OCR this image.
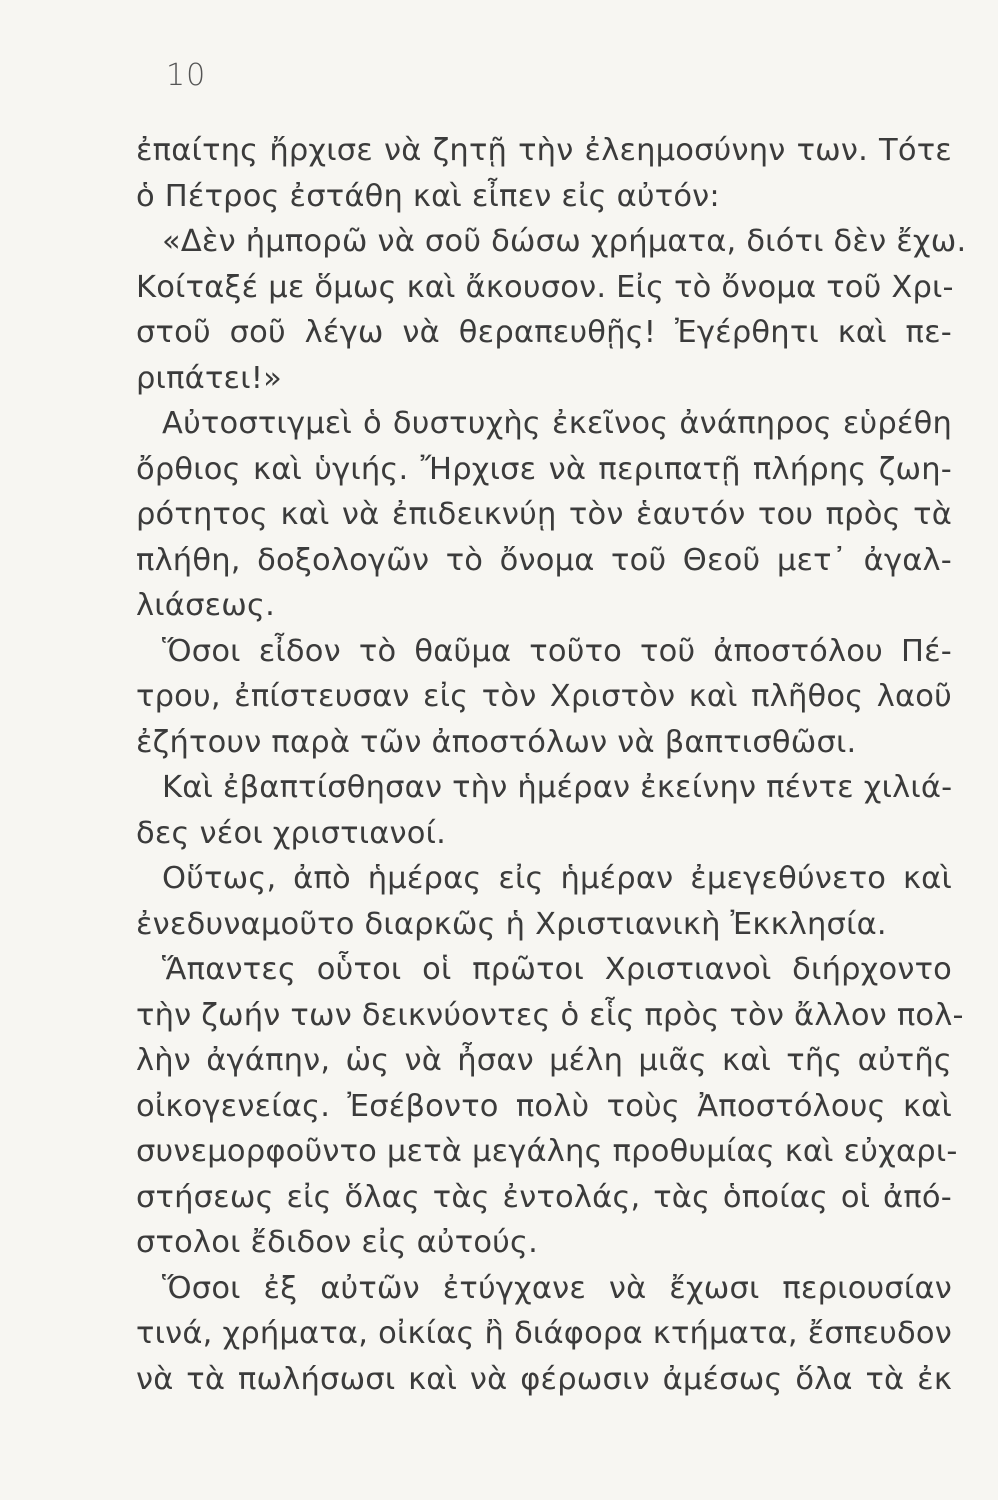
10
ἐπαίτης ἤρχισε νὰ ζητῇ τὴν ἐλεημοσύνην των. Τότε
ὁ Πέτρος ἐστάθη καὶ εἶπεν εἰς αὐτόν:
«Δὲν ἠμπορῶ νὰ σοῦ δώσω χρήματα, διότι δὲν ἔχω.
Κοίταξέ με ὅμως καὶ ἄκουσον. Εἰς τὸ ὄνομα τοῦ Χρι-
στοῦ σοῦ λέγω νὰ θεραπευθῇς! Ἐγέρθητι καὶ πε-
ριπάτει!»
Αὐτοστιγμεὶ ὁ δυστυχὴς ἐκεῖνος ἀνάπηρος εὑρέθη
ὄρθιος καὶ ὑγιής. Ἤρχισε νὰ περιπατῇ πλήρης ζωη-
ρότητος καὶ νὰ ἐπιδεικνύῃ τὸν ἑαυτόν του πρὸς τὰ
πλήθη, δοξολογῶν τὸ ὄνομα τοῦ Θεοῦ μετ᾽ ἀγαλ-
λιάσεως.
Ὅσοι εἶδον τὸ θαῦμα τοῦτο τοῦ ἀποστόλου Πέ-
τρου, ἐπίστευσαν εἰς τὸν Χριστὸν καὶ πλῆθος λαοῦ
ἐζήτουν παρὰ τῶν ἀποστόλων νὰ βαπτισθῶσι.
Καὶ ἐβαπτίσθησαν τὴν ἡμέραν ἐκείνην πέντε χιλιά-
δες νέοι χριστιανοί.
Οὕτως, ἀπὸ ἡμέρας εἰς ἡμέραν ἐμεγεθύνετο καὶ
ἐνεδυναμοῦτο διαρκῶς ἡ Χριστιανικὴ Ἐκκλησία.
Ἅπαντες οὗτοι οἱ πρῶτοι Χριστιανοὶ διήρχοντο
τὴν ζωήν των δεικνύοντες ὁ εἷς πρὸς τὸν ἄλλον πολ-
λὴν ἀγάπην, ὡς νὰ ἦσαν μέλη μιᾶς καὶ τῆς αὐτῆς
οἰκογενείας. Ἐσέβοντο πολὺ τοὺς Ἀποστόλους καὶ
συνεμορφοῦντο μετὰ μεγάλης προθυμίας καὶ εὐχαρι-
στήσεως εἰς ὅλας τὰς ἐντολάς, τὰς ὁποίας οἱ ἀπό-
στολοι ἔδιδον εἰς αὐτούς.
Ὅσοι ἐξ αὐτῶν ἐτύγχανε νὰ ἔχωσι περιουσίαν
τινά, χρήματα, οἰκίας ἢ διάφορα κτήματα, ἔσπευδον
νὰ τὰ πωλήσωσι καὶ νὰ φέρωσιν ἀμέσως ὅλα τὰ ἐκ
